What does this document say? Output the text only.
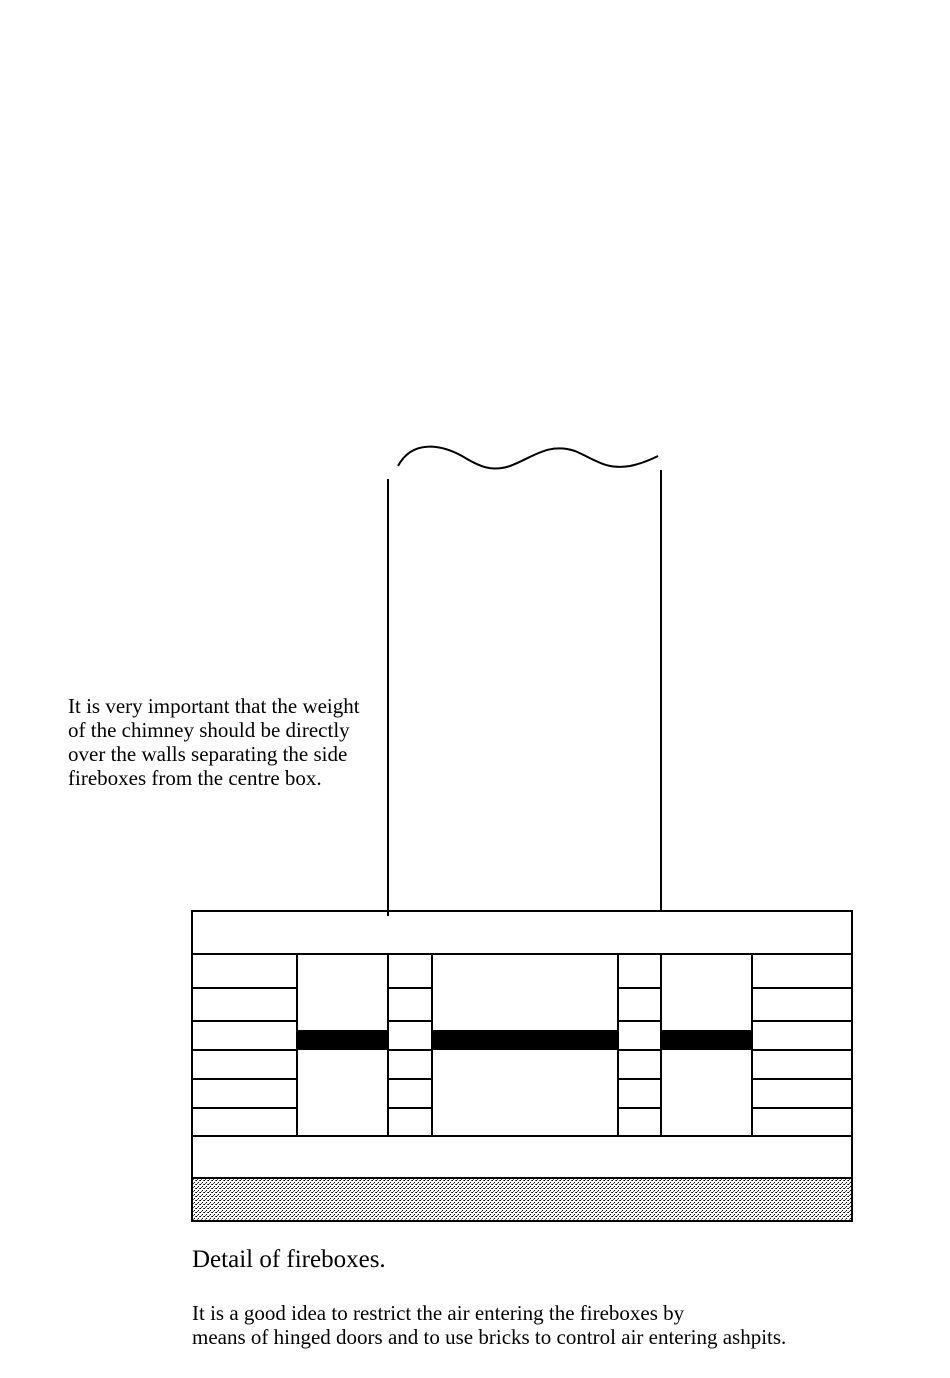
It is very important that the weight
of the chimney should be directly
over the walls separating the side
fireboxes from the centre box.

Detail of fireboxes.

It is a good idea to restrict the air entering the fireboxes by
means of hinged doors and to use bricks to control air entering ashpits.
